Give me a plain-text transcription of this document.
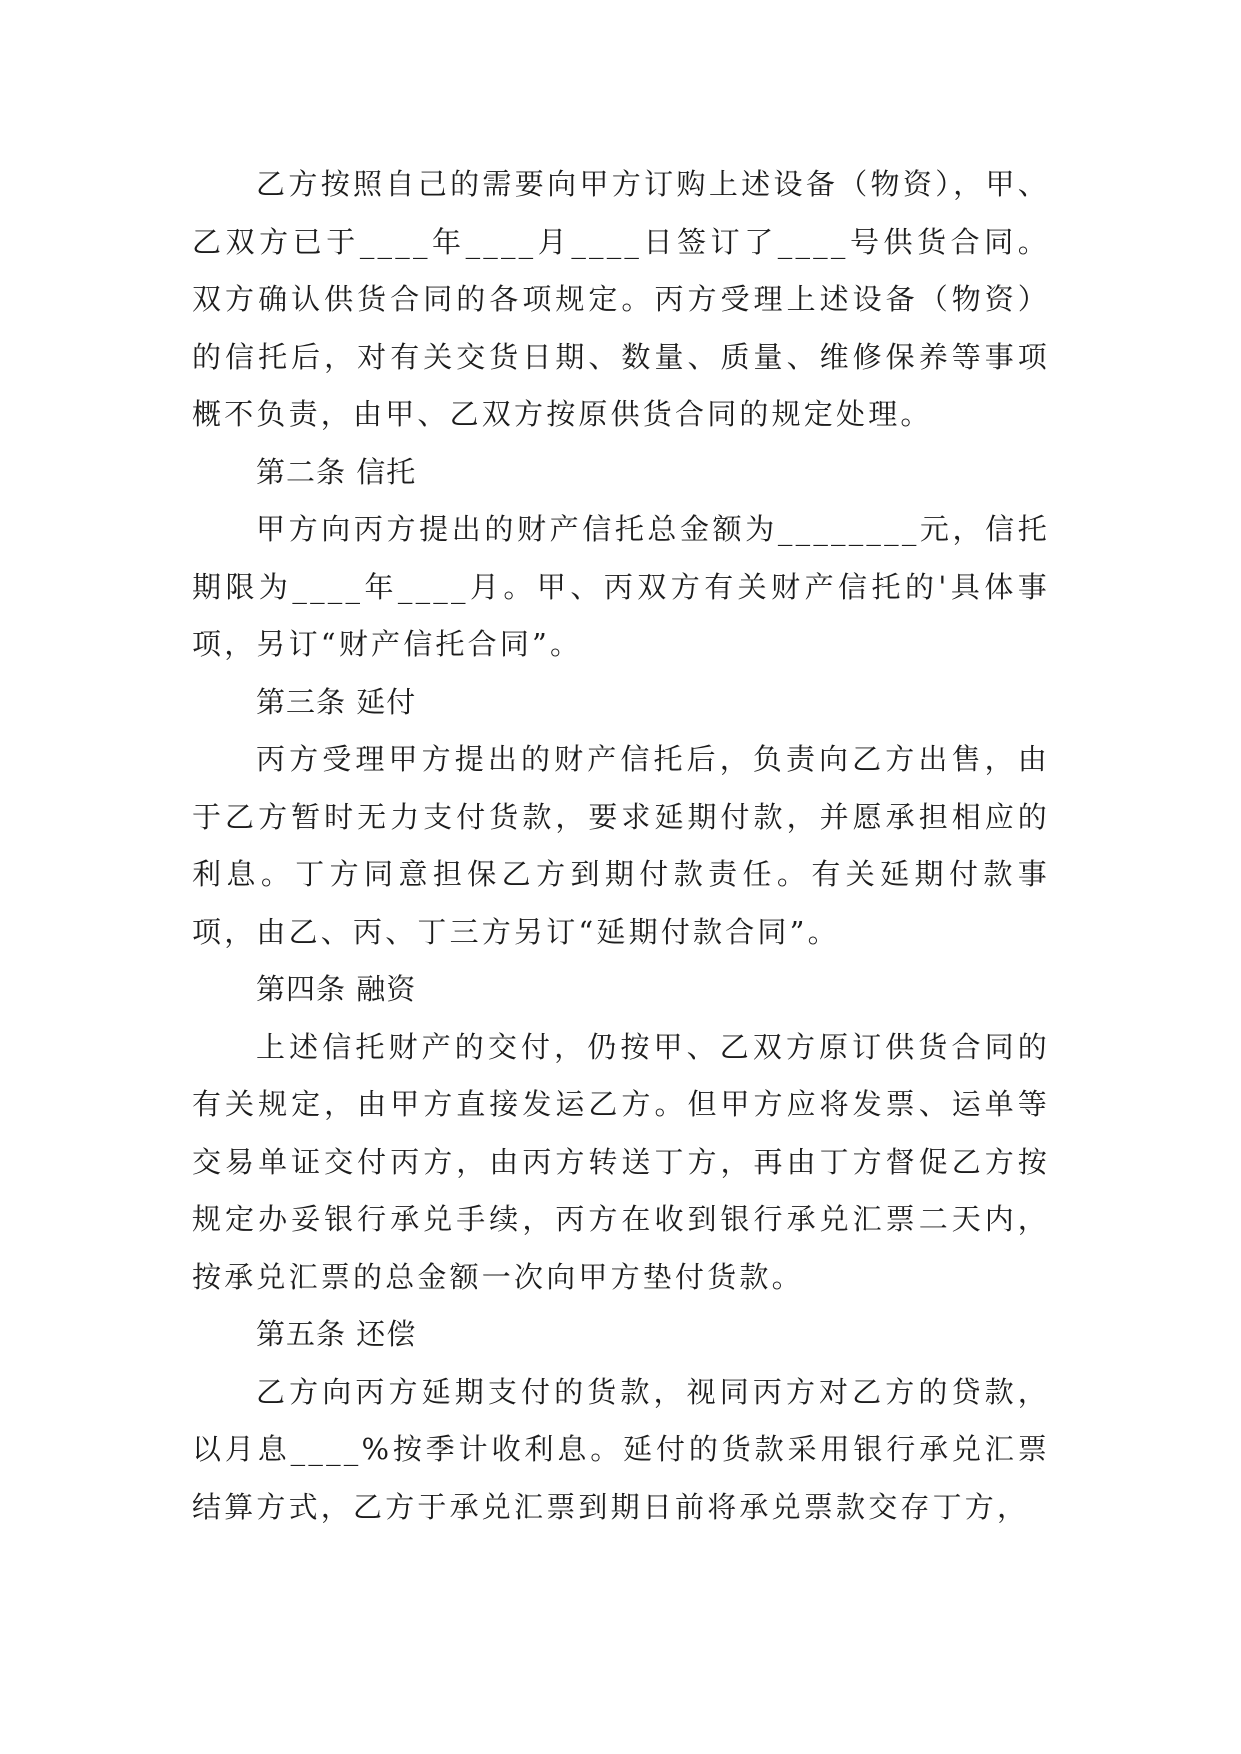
乙方按照自己的需要向甲方订购上述设备（物资），甲、乙双方已于____年____月____日签订了____号供货合同。双方确认供货合同的各项规定。丙方受理上述设备（物资）的信托后，对有关交货日期、数量、质量、维修保养等事项概不负责，由甲、乙双方按原供货合同的规定处理。

第二条 信托

甲方向丙方提出的财产信托总金额为________元，信托期限为____年____月。甲、丙双方有关财产信托的'具体事项，另订“财产信托合同”。

第三条 延付

丙方受理甲方提出的财产信托后，负责向乙方出售，由于乙方暂时无力支付货款，要求延期付款，并愿承担相应的利息。丁方同意担保乙方到期付款责任。有关延期付款事项，由乙、丙、丁三方另订“延期付款合同”。

第四条 融资

上述信托财产的交付，仍按甲、乙双方原订供货合同的有关规定，由甲方直接发运乙方。但甲方应将发票、运单等交易单证交付丙方，由丙方转送丁方，再由丁方督促乙方按规定办妥银行承兑手续，丙方在收到银行承兑汇票二天内，按承兑汇票的总金额一次向甲方垫付货款。

第五条 还偿

乙方向丙方延期支付的货款，视同丙方对乙方的贷款，以月息____%按季计收利息。延付的货款采用银行承兑汇票结算方式，乙方于承兑汇票到期日前将承兑票款交存丁方，
